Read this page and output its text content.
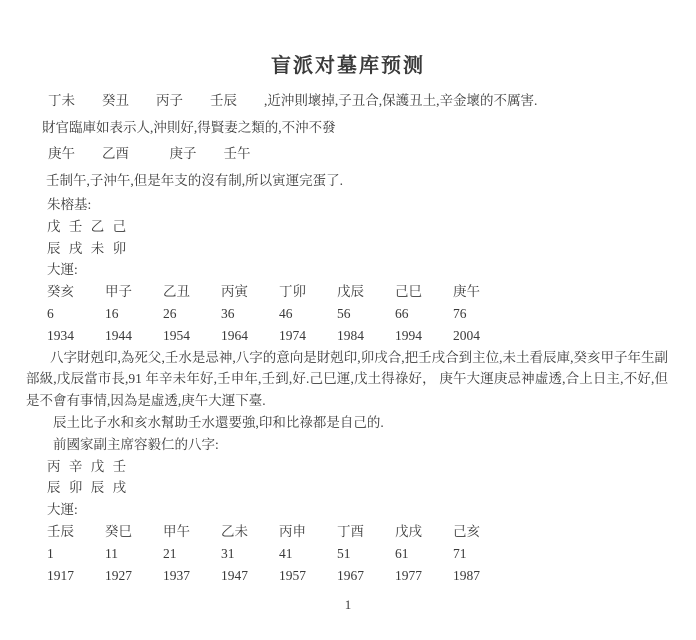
盲派对墓库预测
丁未　　癸丑　　丙子　　壬辰　　,近沖則壞掉,子丑合,保護丑土,辛金壞的不厲害.
財官臨庫如表示人,沖則好,得賢妻之類的,不沖不發
庚午　　乙酉　　　庚子　　壬午
壬制午,子沖午,但是年支的沒有制,所以寅運完蛋了.
朱榕基:
戊 壬 乙 己
辰 戌 未 卯
大運:
癸亥	甲子	乙丑	丙寅	丁卯	戊辰	己巳	庚午
6	16	26	36	46	56	66	76
1934	1944	1954	1964	1974	1984	1994	2004

八字財剋印,為死父,壬水是忌神,八字的意向是財剋印,卯戌合,把壬戌合到主位,未土看辰庫,癸亥甲子年生副部級,戊辰當市長,91 年辛未年好,壬申年,壬到,好.己巳運,戊土得祿好， 庚午大運庚忌神虛透,合上日主,不好,但是不會有事情,因為是虛透,庚午大運下臺.

辰土比子水和亥水幫助壬水還要強,印和比祿都是自己的.
前國家副主席容毅仁的八字:
丙 辛 戊 壬
辰 卯 辰 戌
大運:
壬辰	癸巳	甲午	乙未	丙申	丁酉	戊戌	己亥
1	11	21	31	41	51	61	71
1917	1927	1937	1947	1957	1967	1977	1987
1
